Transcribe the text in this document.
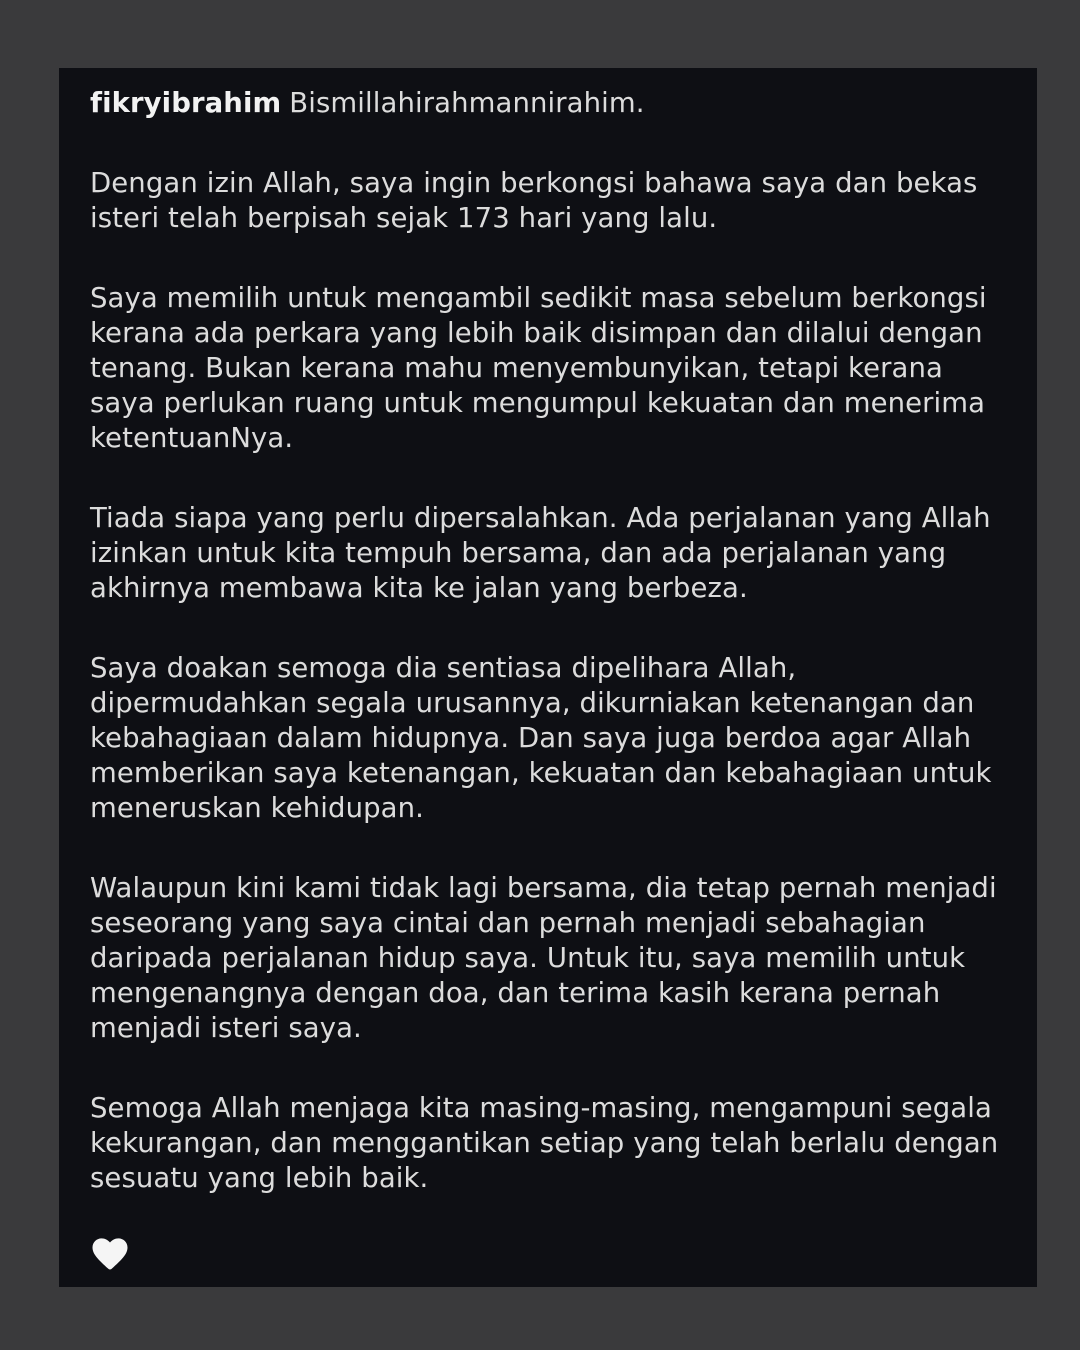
fikryibrahim Bismillahirahmannirahim.

Dengan izin Allah, saya ingin berkongsi bahawa saya dan bekas
isteri telah berpisah sejak 173 hari yang lalu.

Saya memilih untuk mengambil sedikit masa sebelum berkongsi
kerana ada perkara yang lebih baik disimpan dan dilalui dengan
tenang. Bukan kerana mahu menyembunyikan, tetapi kerana
saya perlukan ruang untuk mengumpul kekuatan dan menerima
ketentuanNya.

Tiada siapa yang perlu dipersalahkan. Ada perjalanan yang Allah
izinkan untuk kita tempuh bersama, dan ada perjalanan yang
akhirnya membawa kita ke jalan yang berbeza.

Saya doakan semoga dia sentiasa dipelihara Allah,
dipermudahkan segala urusannya, dikurniakan ketenangan dan
kebahagiaan dalam hidupnya. Dan saya juga berdoa agar Allah
memberikan saya ketenangan, kekuatan dan kebahagiaan untuk
meneruskan kehidupan.

Walaupun kini kami tidak lagi bersama, dia tetap pernah menjadi
seseorang yang saya cintai dan pernah menjadi sebahagian
daripada perjalanan hidup saya. Untuk itu, saya memilih untuk
mengenangnya dengan doa, dan terima kasih kerana pernah
menjadi isteri saya.

Semoga Allah menjaga kita masing-masing, mengampuni segala
kekurangan, dan menggantikan setiap yang telah berlalu dengan
sesuatu yang lebih baik.
